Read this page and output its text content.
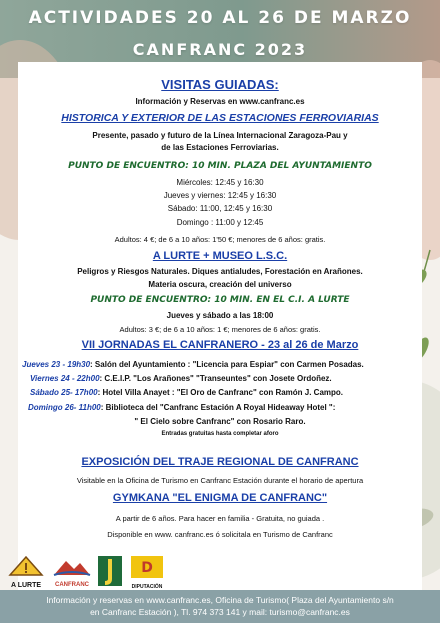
ACTIVIDADES 20 AL 26 DE MARZO
CANFRANC 2023
VISITAS GUIADAS:
Información y Reservas en www.canfranc.es
HISTORICA Y EXTERIOR DE LAS ESTACIONES FERROVIARIAS
Presente, pasado y futuro de la Línea Internacional Zaragoza-Pau y
de las Estaciones Ferroviarias.
PUNTO DE ENCUENTRO: 10 MIN. PLAZA DEL AYUNTAMIENTO
Miércoles: 12:45 y 16:30
Jueves y viernes: 12:45 y 16:30
Sábado: 11:00, 12:45 y 16:30
Domingo : 11:00 y 12:45
Adultos: 4 €; de 6 a 10 años: 1'50 €; menores de 6 años: gratis.
A LURTE + MUSEO L.S.C.
Peligros y Riesgos Naturales. Diques antialudes, Forestación en Arañones.
Materia oscura, creación del universo
PUNTO DE ENCUENTRO: 10 MIN. EN EL C.I. A LURTE
Jueves y sábado a las 18:00
Adultos: 3 €; de 6 a 10 años: 1 €; menores de 6 años: gratis.
VII JORNADAS EL CANFRANERO - 23 al 26 de Marzo
Jueves 23 - 19h30: Salón del Ayuntamiento : "Licencia para Espiar" con Carmen Posadas.
Viernes 24 - 22h00: C.E.I.P. "Los Arañones" "Transeuntes" con Josete Ordoñez.
Sábado 25- 17h00: Hotel Villa Anayet : "El Oro de Canfranc" con Ramón J. Campo.
Domingo 26- 11h00: Biblioteca del "Canfranc Estación A Royal Hideaway Hotel ":
" El Cielo sobre Canfranc" con Rosario Raro.
Entradas gratuitas hasta completar aforo
EXPOSICIÓN DEL TRAJE REGIONAL DE CANFRANC
Visitable en la Oficina de Turismo en Canfranc Estación durante el horario de apertura
GYMKANA "EL ENIGMA DE CANFRANC"
A partir de 6 años. Para hacer en familia - Gratuita, no guiada .
Disponible en www. canfranc.es ó solicitala en Turismo de Canfranc
A LURTE	CANFRANC
D
DIPUTACIÓN
Información y reservas en www.canfranc.es, Oficina de Turismo( Plaza del Ayuntamiento s/n
en Canfranc Estación ), Tl. 974 373 141 y mail: turismo@canfranc.es
